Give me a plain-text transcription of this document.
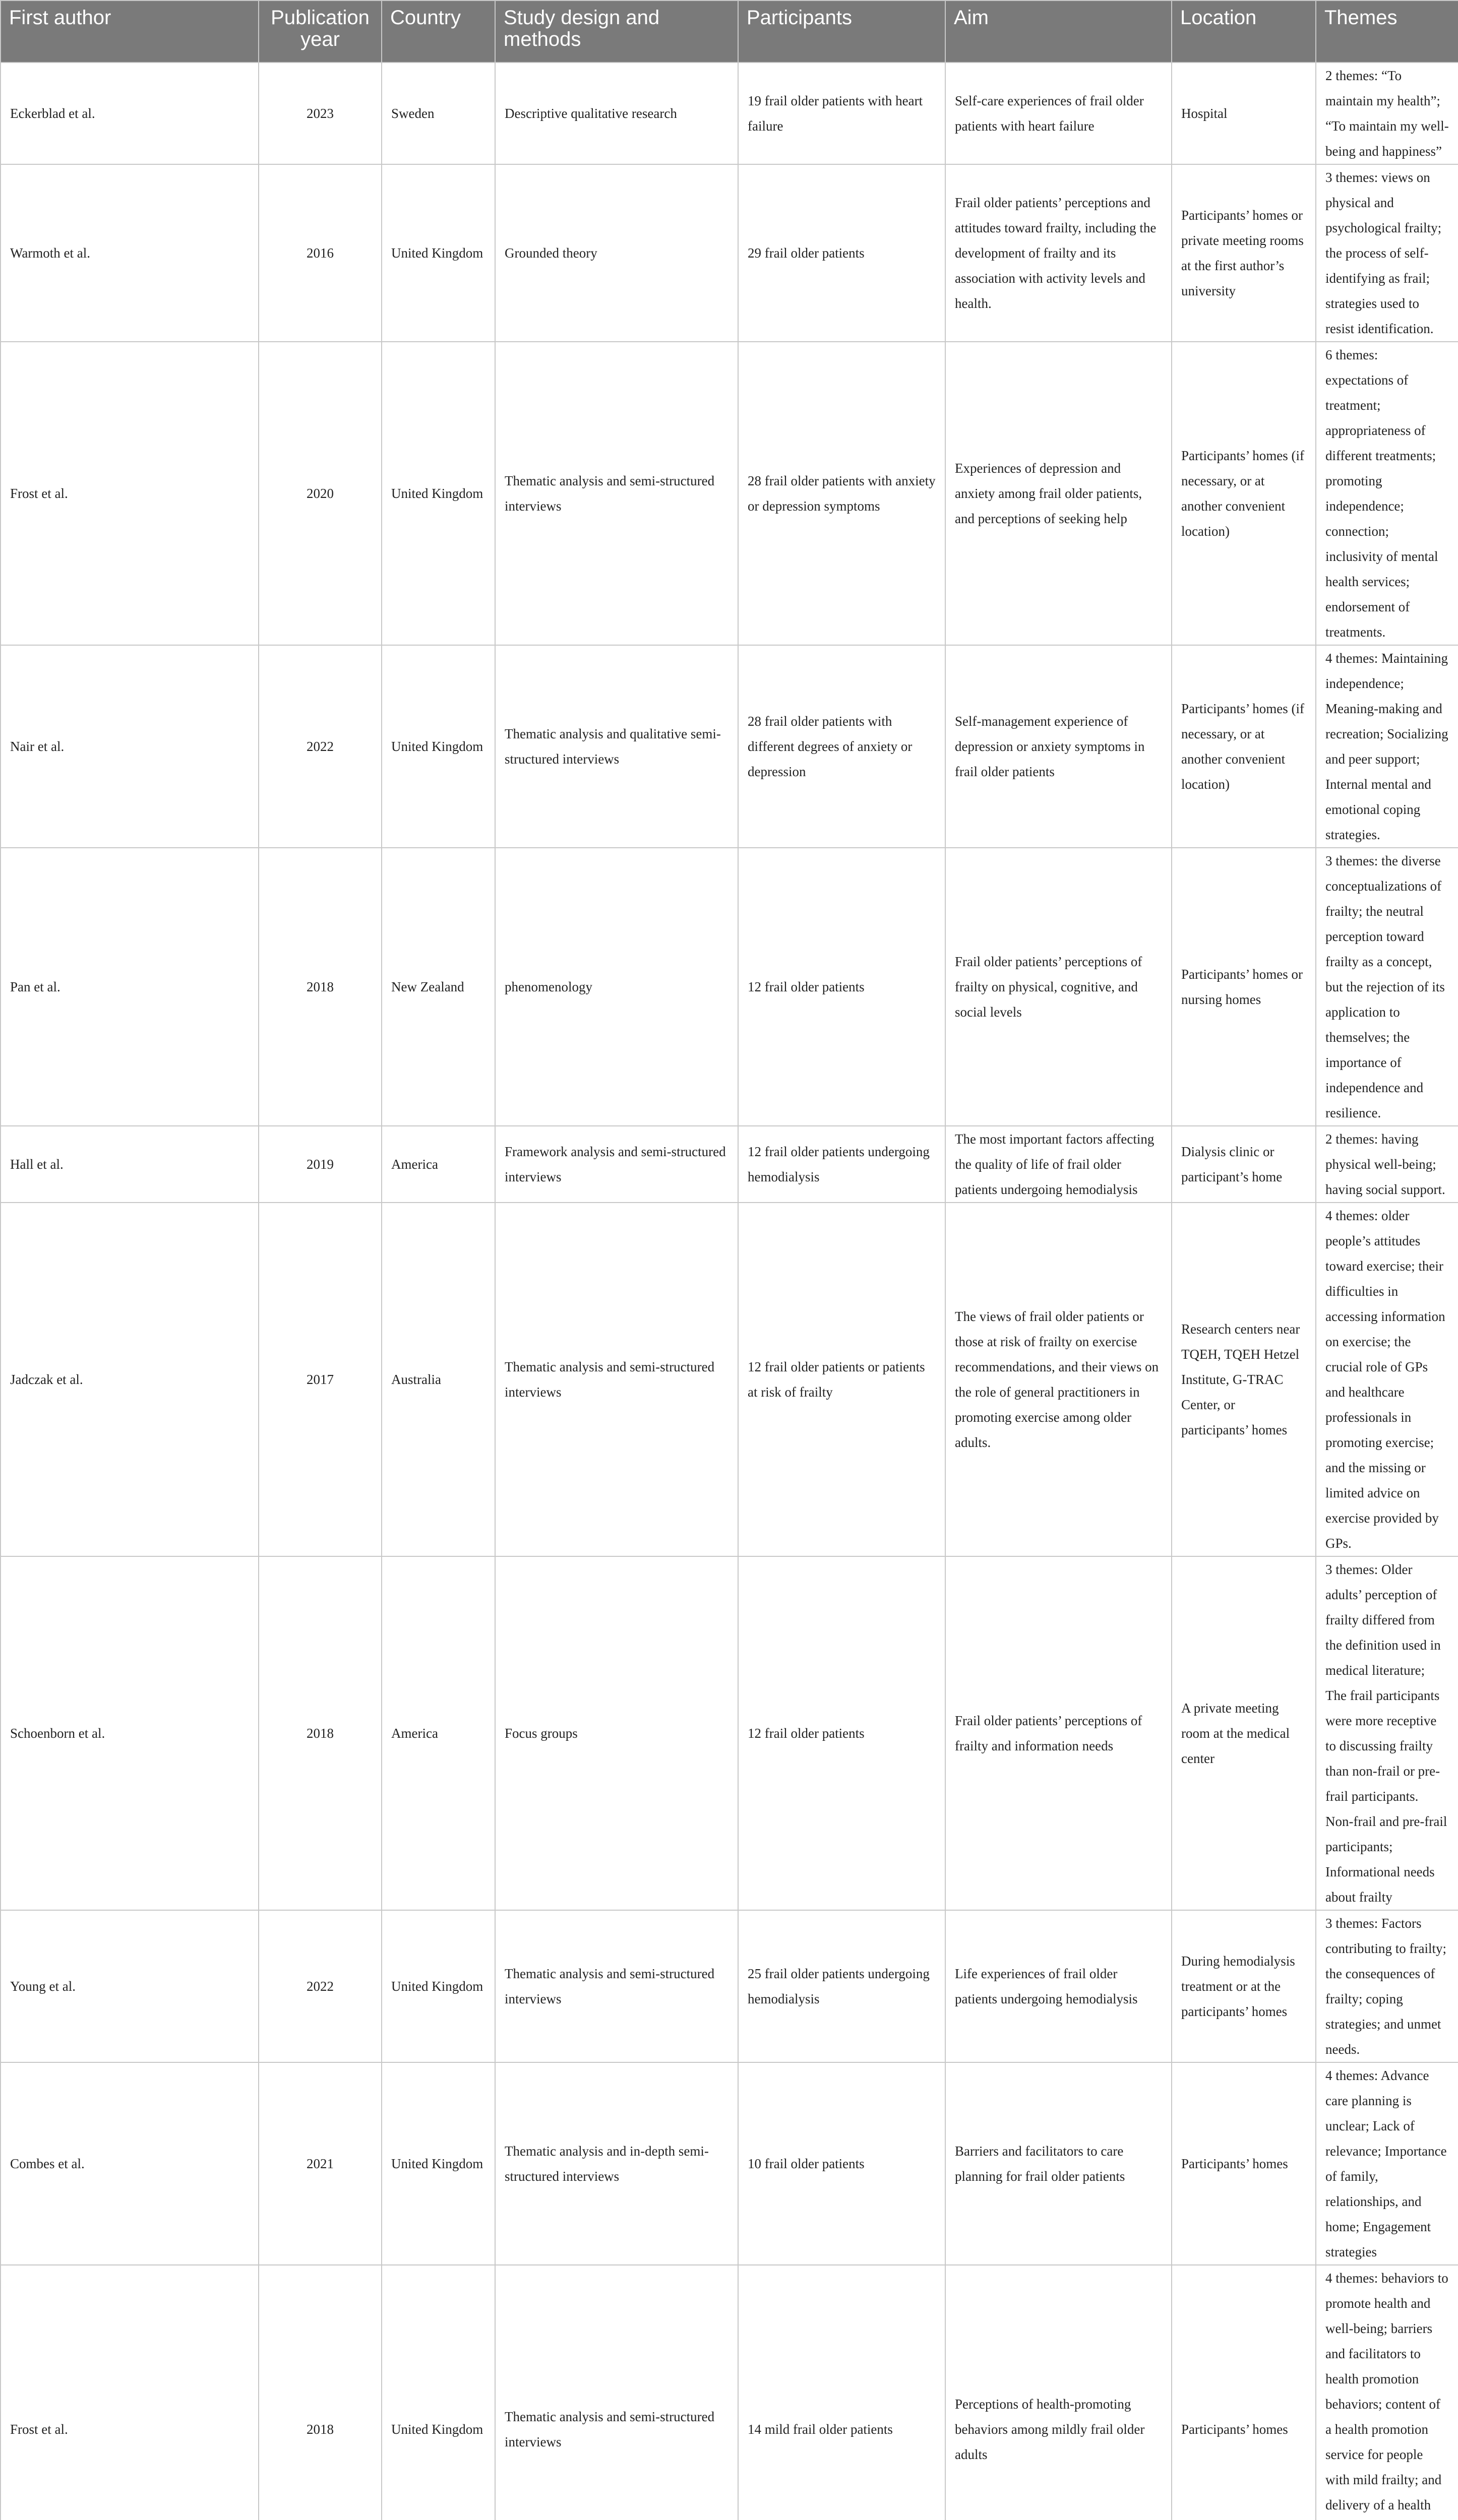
First author	Publication year	Country	Study design and methods	Participants	Aim	Location	Themes
Eckerblad et al.	2023	Sweden	Descriptive qualitative research	19 frail older patients with heart failure	Self-care experiences of frail older patients with heart failure	Hospital	2 themes: “To maintain my health”; “To maintain my well-being and happiness”
Warmoth et al.	2016	United Kingdom	Grounded theory	29 frail older patients	Frail older patients’ perceptions and attitudes toward frailty, including the development of frailty and its association with activity levels and health.	Participants’ homes or private meeting rooms at the first author’s university	3 themes: views on physical and psychological frailty; the process of self-identifying as frail; strategies used to resist identification.
Frost et al.	2020	United Kingdom	Thematic analysis and semi-structured interviews	28 frail older patients with anxiety or depression symptoms	Experiences of depression and anxiety among frail older patients, and perceptions of seeking help	Participants’ homes (if necessary, or at another convenient location)	6 themes: expectations of treatment; appropriateness of different treatments; promoting independence; connection; inclusivity of mental health services; endorsement of treatments.
Nair et al.	2022	United Kingdom	Thematic analysis and qualitative semi-structured interviews	28 frail older patients with different degrees of anxiety or depression	Self-management experience of depression or anxiety symptoms in frail older patients	Participants’ homes (if necessary, or at another convenient location)	4 themes: Maintaining independence; Meaning-making and recreation; Socializing and peer support; Internal mental and emotional coping strategies.
Pan et al.	2018	New Zealand	phenomenology	12 frail older patients	Frail older patients’ perceptions of frailty on physical, cognitive, and social levels	Participants’ homes or nursing homes	3 themes: the diverse conceptualizations of frailty; the neutral perception toward frailty as a concept, but the rejection of its application to themselves; the importance of independence and resilience.
Hall et al.	2019	America	Framework analysis and semi-structured interviews	12 frail older patients undergoing hemodialysis	The most important factors affecting the quality of life of frail older patients undergoing hemodialysis	Dialysis clinic or participant’s home	2 themes: having physical well-being; having social support.
Jadczak et al.	2017	Australia	Thematic analysis and semi-structured interviews	12 frail older patients or patients at risk of frailty	The views of frail older patients or those at risk of frailty on exercise recommendations, and their views on the role of general practitioners in promoting exercise among older adults.	Research centers near TQEH, TQEH Hetzel Institute, G-TRAC Center, or participants’ homes	4 themes: older people’s attitudes toward exercise; their difficulties in accessing information on exercise; the crucial role of GPs and healthcare professionals in promoting exercise; and the missing or limited advice on exercise provided by GPs.
Schoenborn et al.	2018	America	Focus groups	12 frail older patients	Frail older patients’ perceptions of frailty and information needs	A private meeting room at the medical center	3 themes: Older adults’ perception of frailty differed from the definition used in medical literature; The frail participants were more receptive to discussing frailty than non-frail or pre-frail participants. Non-frail and pre-frail participants; Informational needs about frailty
Young et al.	2022	United Kingdom	Thematic analysis and semi-structured interviews	25 frail older patients undergoing hemodialysis	Life experiences of frail older patients undergoing hemodialysis	During hemodialysis treatment or at the participants’ homes	3 themes: Factors contributing to frailty; the consequences of frailty; coping strategies; and unmet needs.
Combes et al.	2021	United Kingdom	Thematic analysis and in-depth semi-structured interviews	10 frail older patients	Barriers and facilitators to care planning for frail older patients	Participants’ homes	4 themes: Advance care planning is unclear; Lack of relevance; Importance of family, relationships, and home; Engagement strategies
Frost et al.	2018	United Kingdom	Thematic analysis and semi-structured interviews	14 mild frail older patients	Perceptions of health-promoting behaviors among mildly frail older adults	Participants’ homes	4 themes: behaviors to promote health and well-being; barriers and facilitators to health promotion behaviors; content of a health promotion service for people with mild frailty; and delivery of a health
